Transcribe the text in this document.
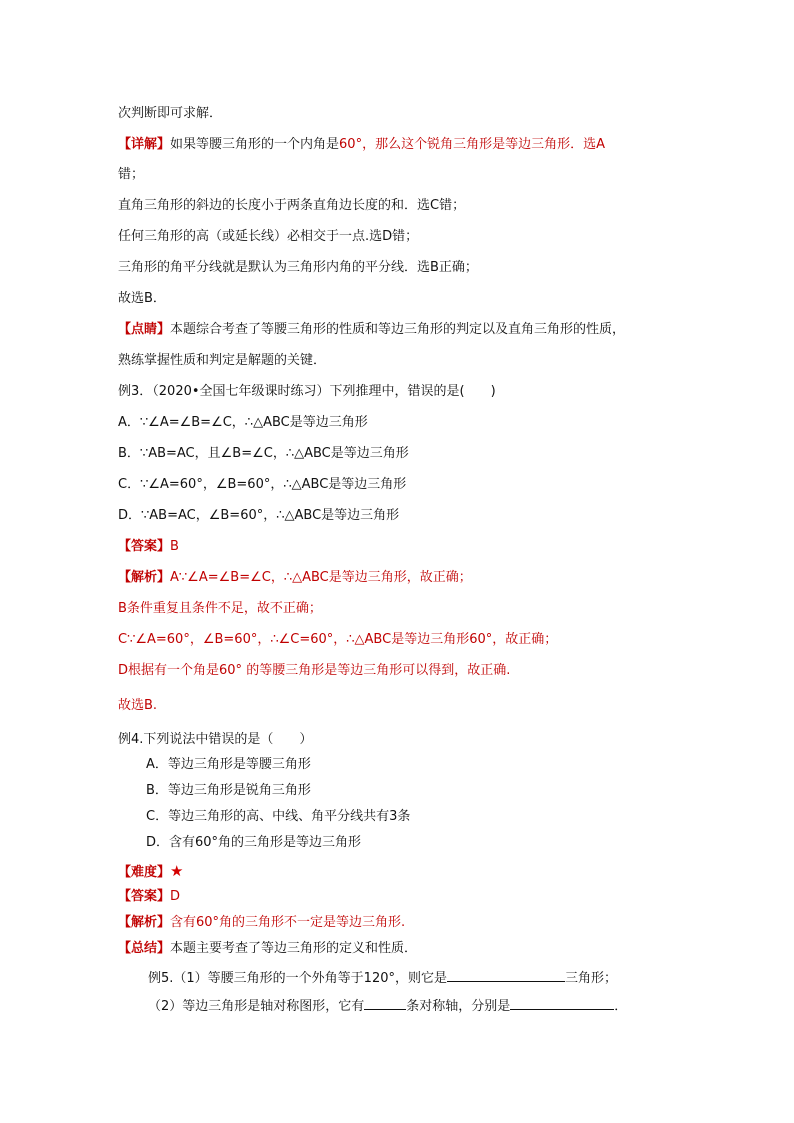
次判断即可求解．
【详解】如果等腰三角形的一个内角是60°，那么这个锐角三角形是等边三角形．选A
错；
直角三角形的斜边的长度小于两条直角边长度的和．选C错；
任何三角形的高（或延长线）必相交于一点.选D错；
三角形的角平分线就是默认为三角形内角的平分线．选B正确；
故选B．
【点睛】本题综合考查了等腰三角形的性质和等边三角形的判定以及直角三角形的性质，
熟练掌握性质和判定是解题的关键．
例3．（2020•全国七年级课时练习）下列推理中，错误的是(　　)
A．∵∠A=∠B=∠C，∴△ABC是等边三角形
B．∵AB=AC，且∠B=∠C，∴△ABC是等边三角形
C．∵∠A=60°，∠B=60°，∴△ABC是等边三角形
D．∵AB=AC，∠B=60°，∴△ABC是等边三角形
【答案】B
【解析】A∵∠A=∠B=∠C，∴△ABC是等边三角形，故正确；
B条件重复且条件不足，故不正确；
C∵∠A=60°，∠B=60°，∴∠C=60°，∴△ABC是等边三角形60°，故正确；
D根据有一个角是60° 的等腰三角形是等边三角形可以得到，故正确.
故选B.
例4.下列说法中错误的是（　　）
A．等边三角形是等腰三角形
B．等边三角形是锐角三角形
C．等边三角形的高、中线、角平分线共有3条
D．含有60°角的三角形是等边三角形
【难度】★
【答案】D
【解析】含有60°角的三角形不一定是等边三角形.
【总结】本题主要考查了等边三角形的定义和性质．
例5.（1）等腰三角形的一个外角等于120°，则它是	三角形；
（2）等边三角形是轴对称图形，它有	条对称轴，分别是	．
